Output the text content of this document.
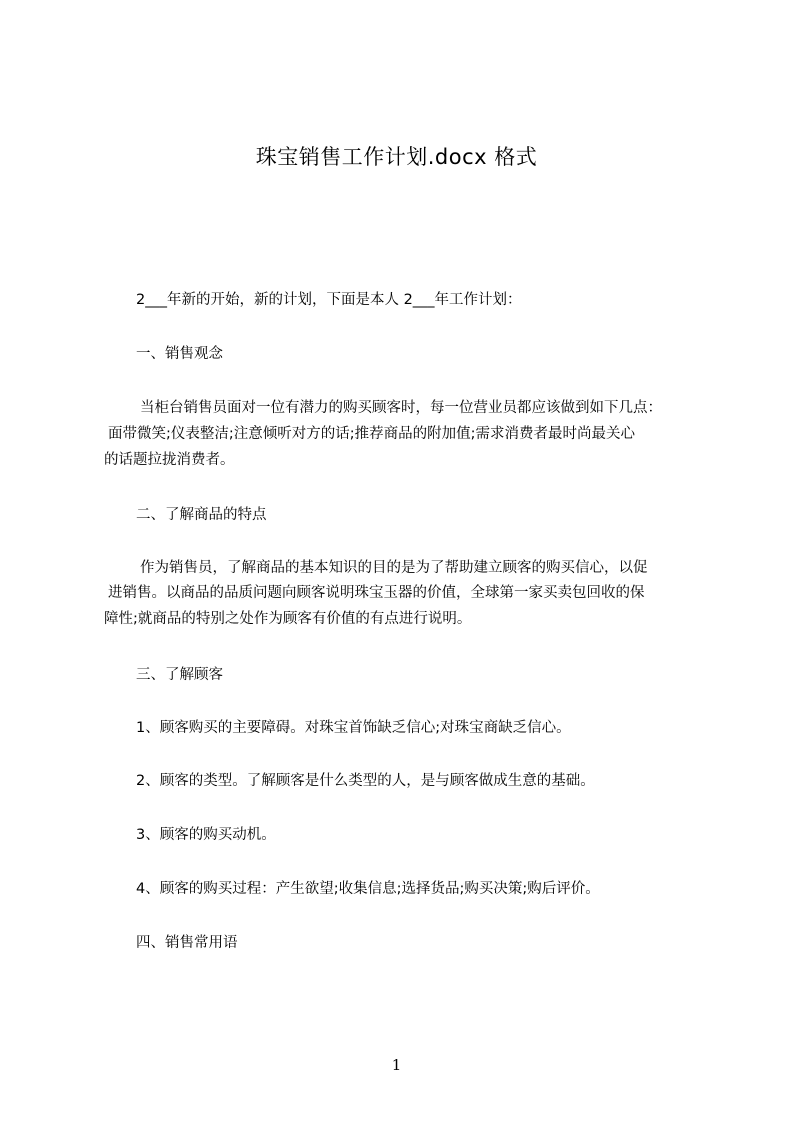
珠宝销售工作计划.docx 格式

2___年新的开始，新的计划，下面是本人 2___年工作计划：

一、销售观念

当柜台销售员面对一位有潜力的购买顾客时，每一位营业员都应该做到如下几点：

面带微笑;仪表整洁;注意倾听对方的话;推荐商品的附加值;需求消费者最时尚最关心

的话题拉拢消费者。

二、了解商品的特点

作为销售员，了解商品的基本知识的目的是为了帮助建立顾客的购买信心，以促

进销售。以商品的品质问题向顾客说明珠宝玉器的价值，全球第一家买卖包回收的保

障性;就商品的特别之处作为顾客有价值的有点进行说明。

三、了解顾客

1、顾客购买的主要障碍。对珠宝首饰缺乏信心;对珠宝商缺乏信心。

2、顾客的类型。了解顾客是什么类型的人，是与顾客做成生意的基础。

3、顾客的购买动机。

4、顾客的购买过程：产生欲望;收集信息;选择货品;购买决策;购后评价。

四、销售常用语

1
